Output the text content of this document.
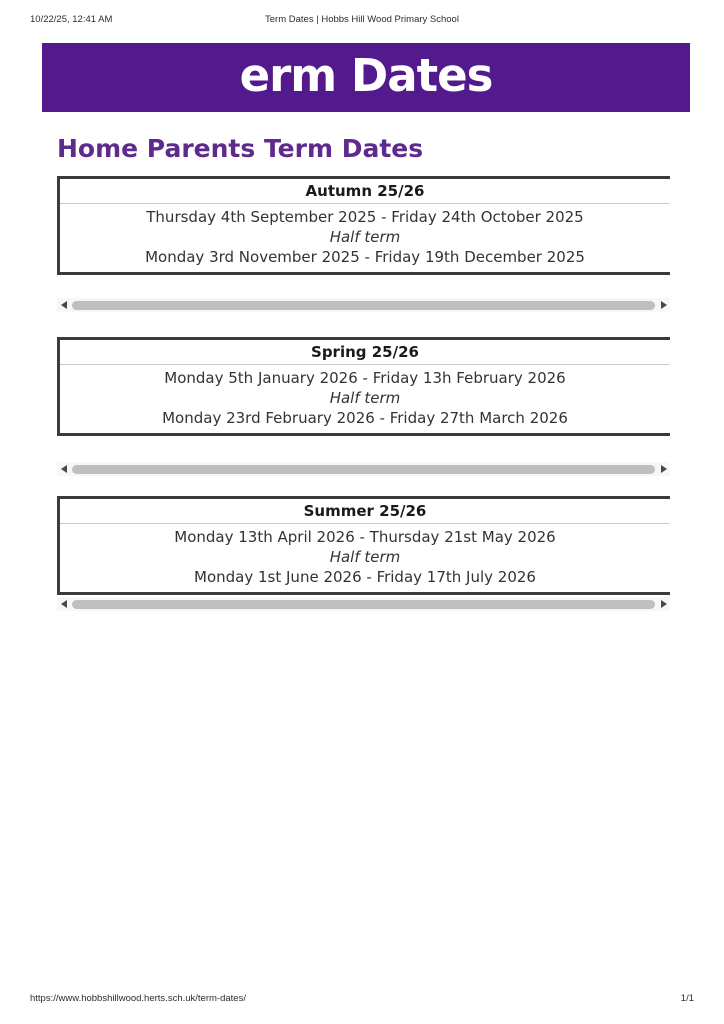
10/22/25, 12:41 AM	Term Dates | Hobbs Hill Wood Primary School
erm Dates
Home Parents Term Dates
Autumn 25/26
Thursday 4th September 2025 - Friday 24th October 2025
Half term
Monday 3rd November 2025 - Friday 19th December 2025
Spring 25/26
Monday 5th January 2026 - Friday 13h February 2026
Half term
Monday 23rd February 2026 - Friday 27th March 2026
Summer 25/26
Monday 13th April 2026 - Thursday 21st May 2026
Half term
Monday 1st June 2026 - Friday 17th July 2026
https://www.hobbshillwood.herts.sch.uk/term-dates/	1/1
